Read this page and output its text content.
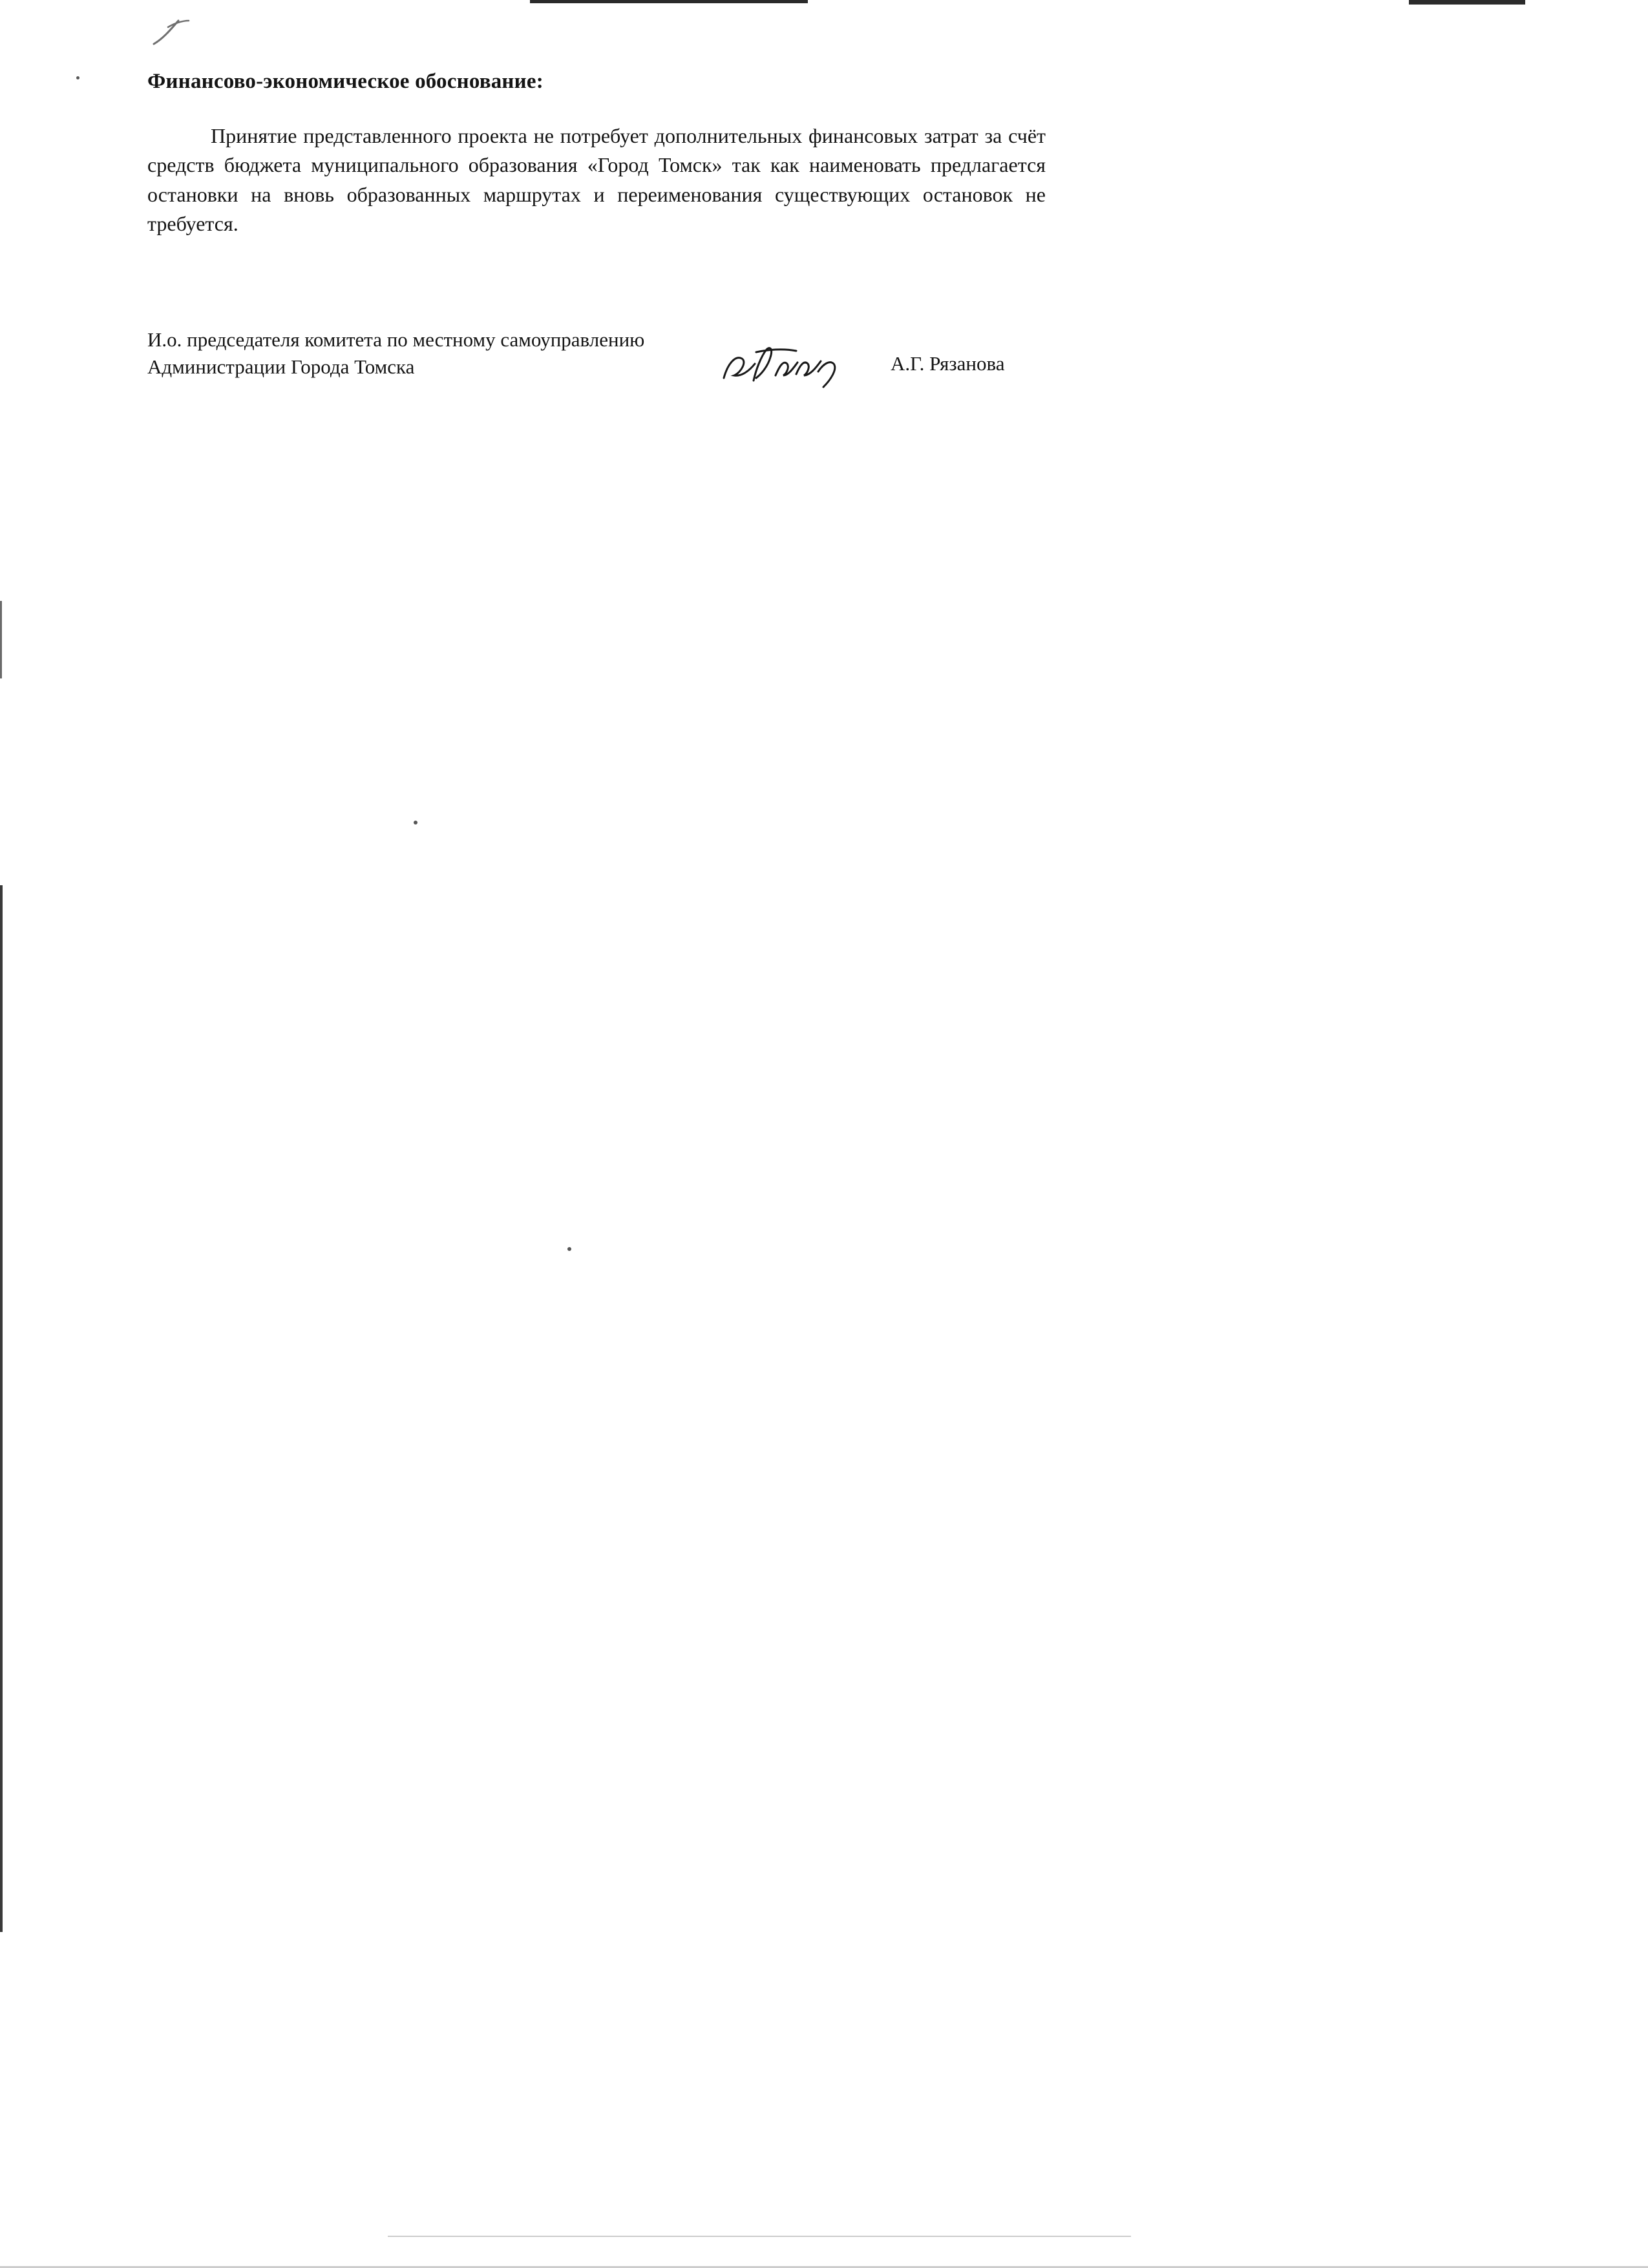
Финансово-экономическое обоснование:

Принятие представленного проекта не потребует дополнительных финансовых затрат за счёт средств бюджета муниципального образования «Город Томск» так как наименовать предлагается остановки на вновь образованных маршрутах и переименования существующих остановок не требуется.

И.о. председателя комитета по местному самоуправлению
Администрации Города Томска	А.Г. Рязанова
